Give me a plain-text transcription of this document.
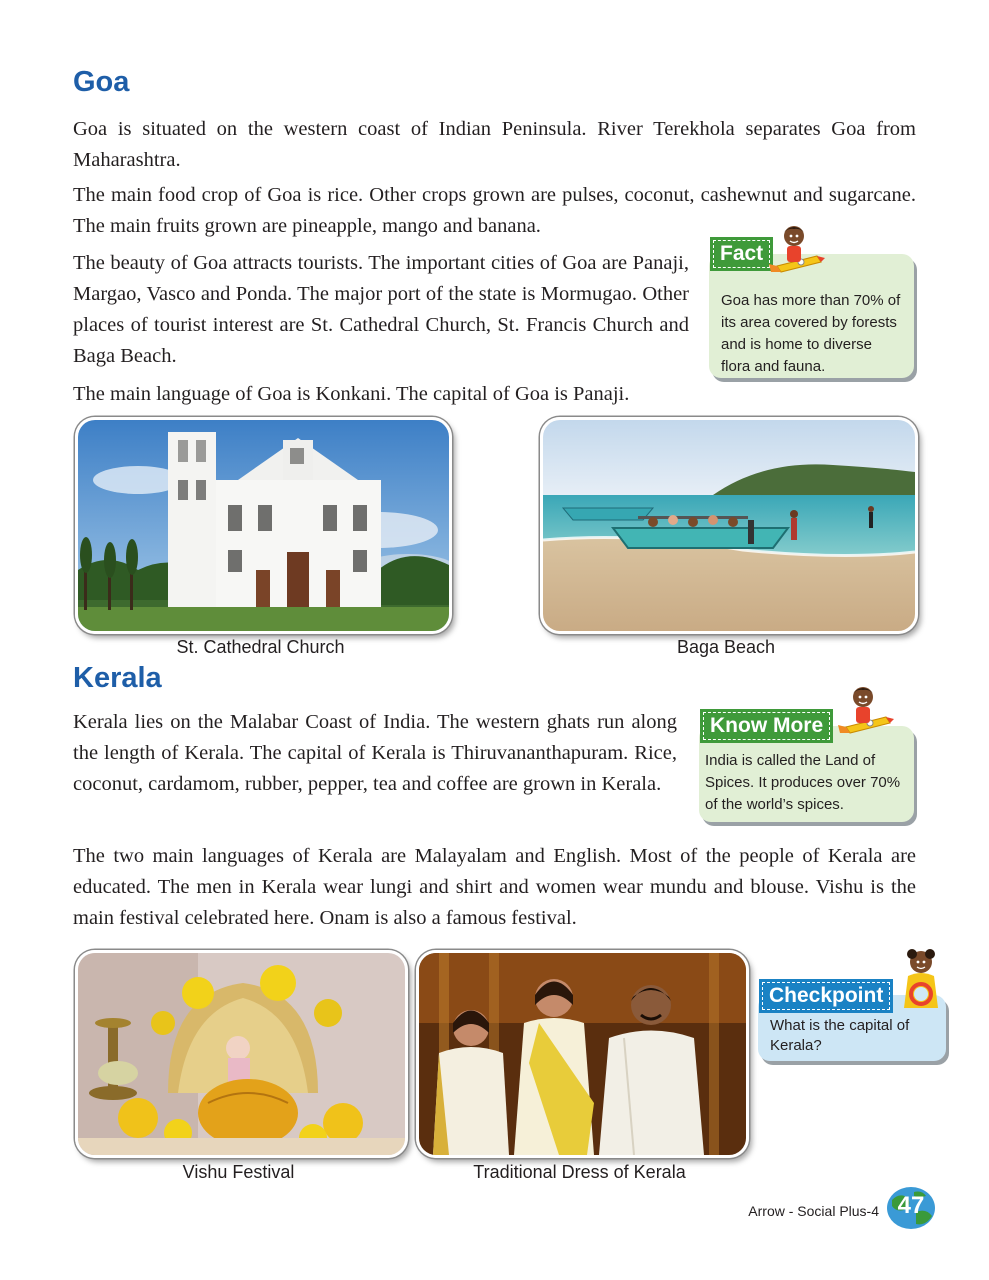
Goa

Goa is situated on the western coast of Indian Peninsula. River Terekhola separates Goa from Maharashtra.

The main food crop of Goa is rice. Other crops grown are pulses, coconut, cashewnut and sugarcane. The main fruits grown are pineapple, mango and banana.

The beauty of Goa attracts tourists. The important cities of Goa are Panaji, Margao, Vasco and Ponda. The major port of the state is Mormugao. Other places of tourist interest are St. Cathedral Church, St. Francis Church and Baga Beach.

The main language of Goa is Konkani. The capital of Goa is Panaji.

Fact
Goa has more than 70% of its area covered by forests and is home to diverse flora and fauna.

St. Cathedral Church	Baga Beach

Kerala

Kerala lies on the Malabar Coast of India. The western ghats run along the length of Kerala. The capital of Kerala is Thiruvananthapuram. Rice, coconut, cardamom, rubber, pepper, tea and coffee are grown in Kerala.

The two main languages of Kerala are Malayalam and English. Most of the people of Kerala are educated. The men in Kerala wear lungi and shirt and women wear mundu and blouse. Vishu is the main festival celebrated here. Onam is also a famous festival.

Know More
India is called the Land of Spices. It produces over 70% of the world’s spices.

Vishu Festival	Traditional Dress of Kerala

Checkpoint
What is the capital of Kerala?
Arrow - Social Plus-4 47
